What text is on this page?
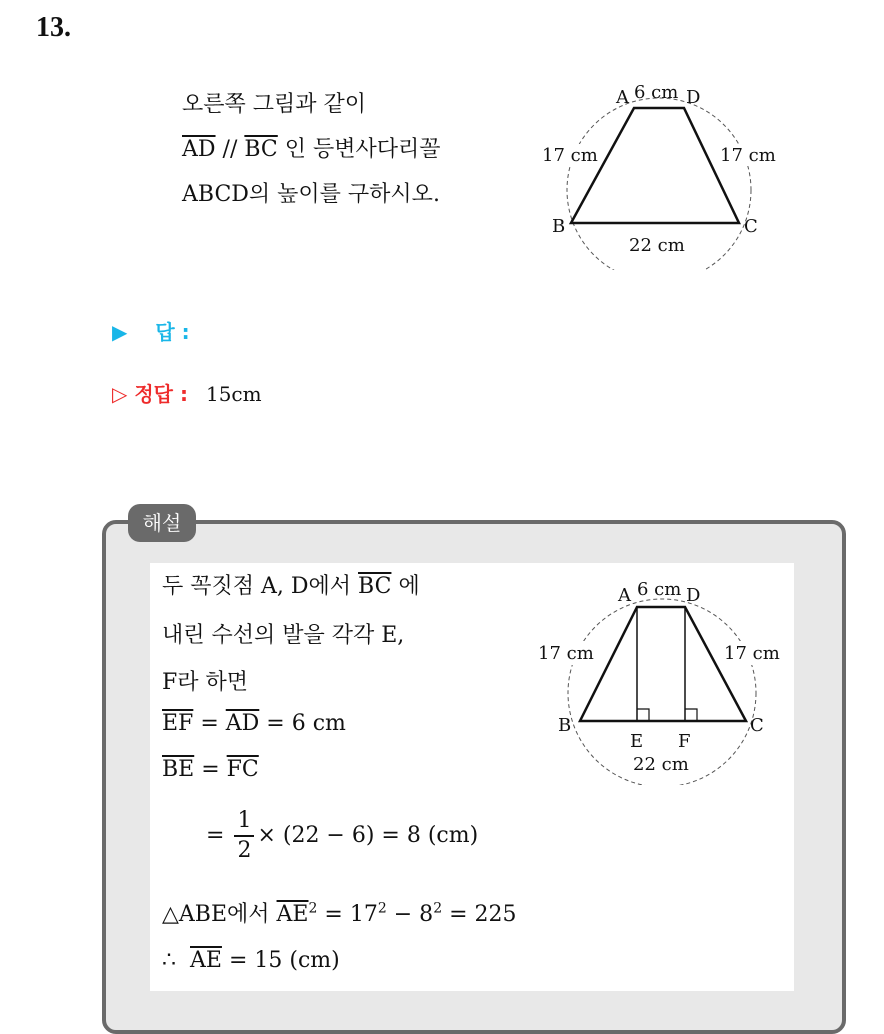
13.
오른쪽 그림과 같이
$\overline{AD} // \overline{BC}$ 인 등변사다리꼴
ABCD의 높이를 구하시오.
A	D
B	C
6 cm
17 cm	17 cm
22 cm
▶ 답 :
▷ 정답 : 15cm
해설
두 꼭짓점 A, D에서 $\overline{BC}$ 에
내린 수선의 발을 각각 E,
F라 하면
$\overline{EF} = \overline{AD} = 6$ cm
$\overline{BE} = \overline{FC}$
= $\frac{1}{2} \times (22 - 6) = 8$ (cm)
△ABE에서 $\overline{AE}^2 = 17^2 - 8^2 = 225$
∴ $\overline{AE} = 15$ (cm)
A	D
B	C
E F
6 cm
17 cm	17 cm
22 cm
